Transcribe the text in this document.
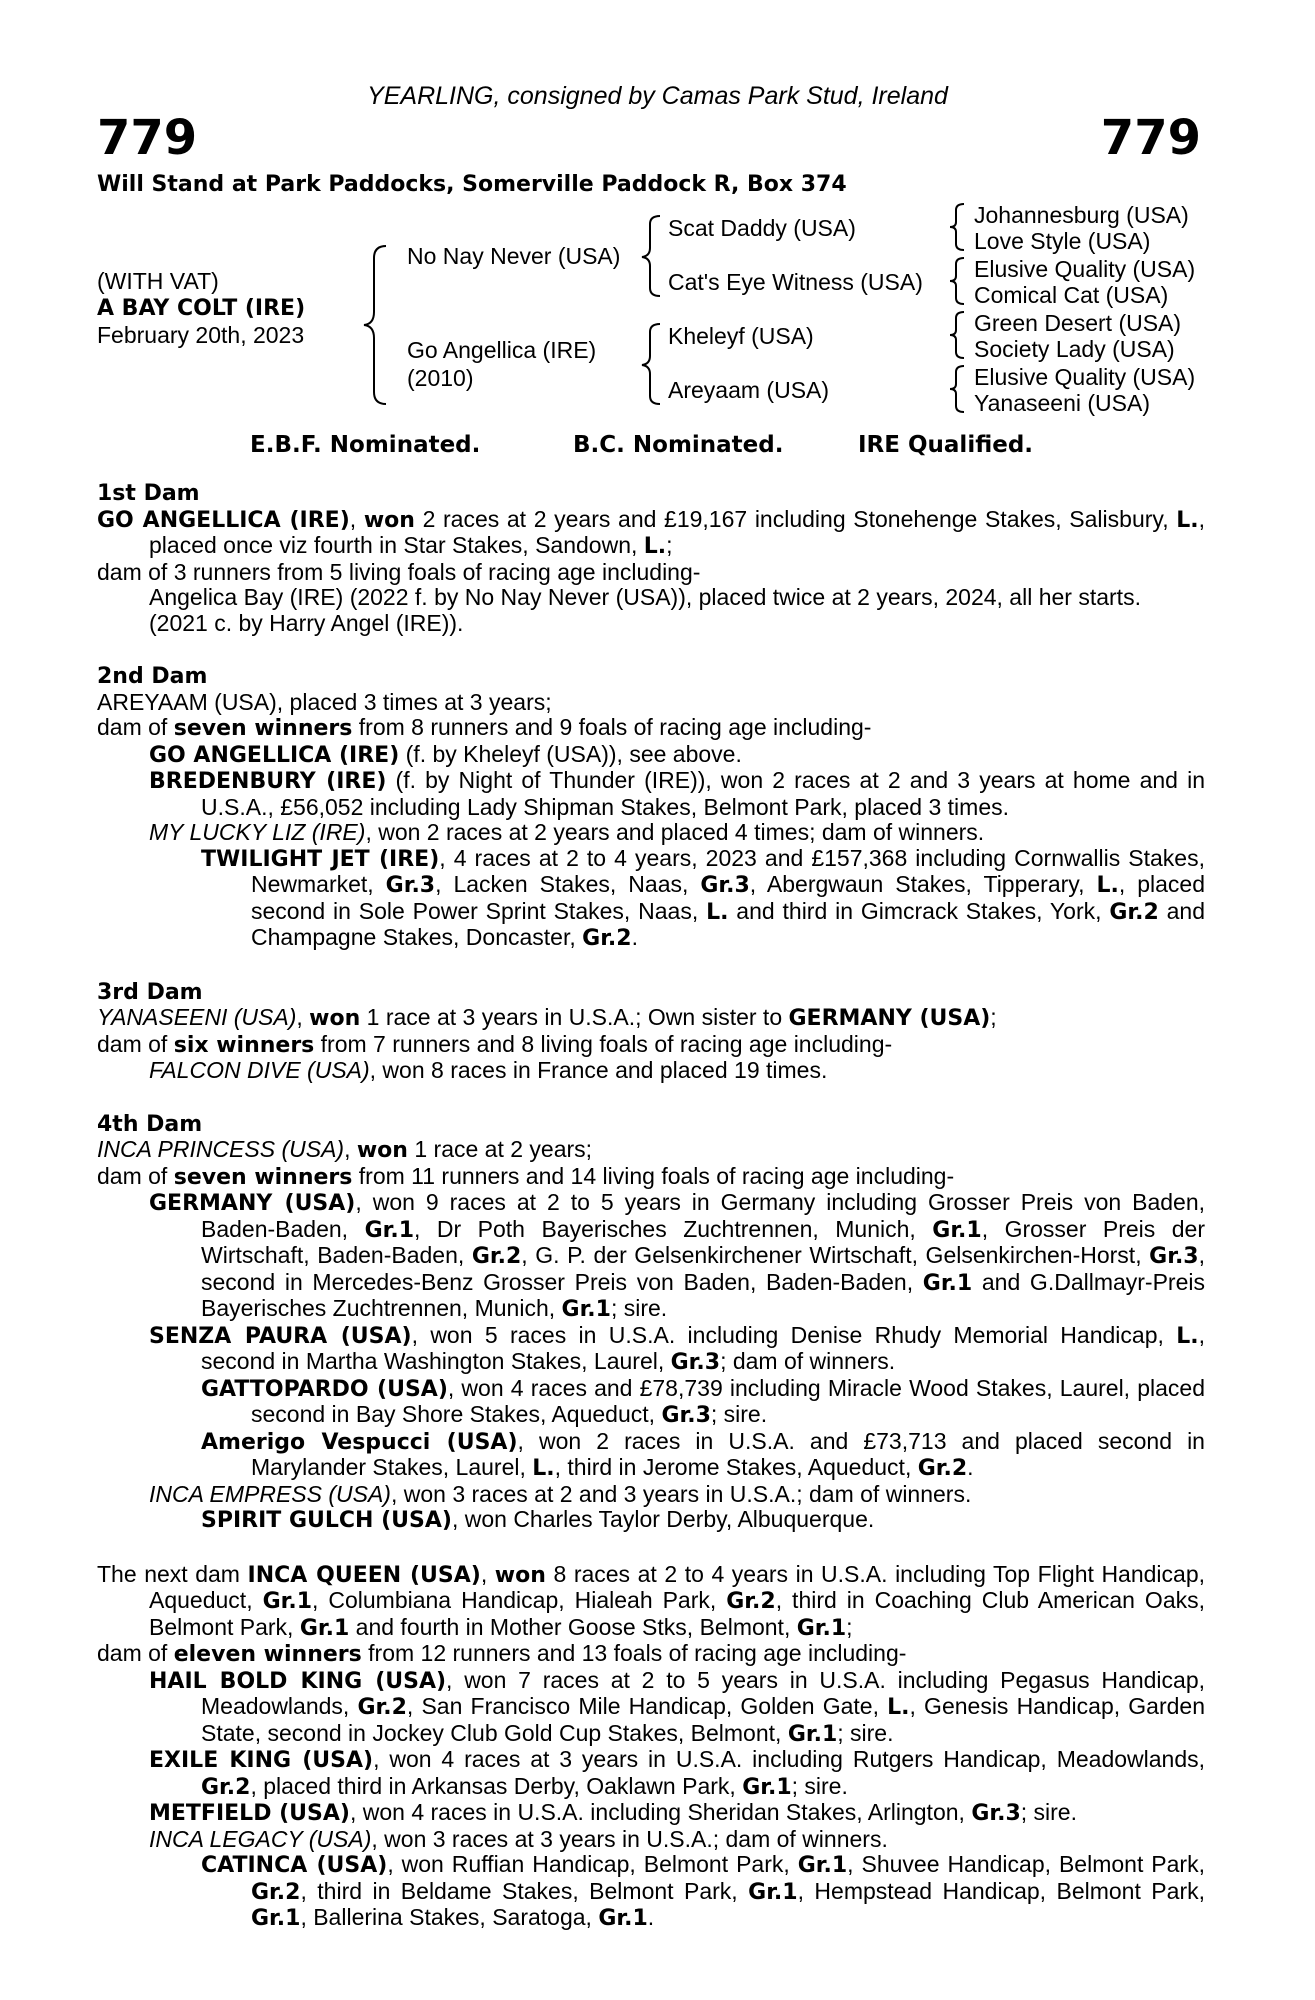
YEARLING, consigned by Camas Park Stud, Ireland
779	779
Will Stand at Park Paddocks, Somerville Paddock R, Box 374
(WITH VAT)
A BAY COLT (IRE)
February 20th, 2023
No Nay Never (USA)
Go Angellica (IRE)
(2010)
Scat Daddy (USA)
Cat's Eye Witness (USA)
Kheleyf (USA)
Areyaam (USA)
Johannesburg (USA)
Love Style (USA)
Elusive Quality (USA)
Comical Cat (USA)
Green Desert (USA)
Society Lady (USA)
Elusive Quality (USA)
Yanaseeni (USA)
E.B.F. Nominated.	B.C. Nominated.	IRE Qualified.

1st Dam

GO ANGELLICA (IRE), won 2 races at 2 years and £19,167 including Stonehenge Stakes, Salisbury, L., placed once viz fourth in Star Stakes, Sandown, L.;

dam of 3 runners from 5 living foals of racing age including-

Angelica Bay (IRE) (2022 f. by No Nay Never (USA)), placed twice at 2 years, 2024, all her starts.

(2021 c. by Harry Angel (IRE)).

2nd Dam

AREYAAM (USA), placed 3 times at 3 years;

dam of seven winners from 8 runners and 9 foals of racing age including-

GO ANGELLICA (IRE) (f. by Kheleyf (USA)), see above.

BREDENBURY (IRE) (f. by Night of Thunder (IRE)), won 2 races at 2 and 3 years at home and in U.S.A., £56,052 including Lady Shipman Stakes, Belmont Park, placed 3 times.

MY LUCKY LIZ (IRE), won 2 races at 2 years and placed 4 times; dam of winners.

TWILIGHT JET (IRE), 4 races at 2 to 4 years, 2023 and £157,368 including Cornwallis Stakes, Newmarket, Gr.3, Lacken Stakes, Naas, Gr.3, Abergwaun Stakes, Tipperary, L., placed second in Sole Power Sprint Stakes, Naas, L. and third in Gimcrack Stakes, York, Gr.2 and Champagne Stakes, Doncaster, Gr.2.

3rd Dam

YANASEENI (USA), won 1 race at 3 years in U.S.A.; Own sister to GERMANY (USA);

dam of six winners from 7 runners and 8 living foals of racing age including-

FALCON DIVE (USA), won 8 races in France and placed 19 times.

4th Dam

INCA PRINCESS (USA), won 1 race at 2 years;

dam of seven winners from 11 runners and 14 living foals of racing age including-

GERMANY (USA), won 9 races at 2 to 5 years in Germany including Grosser Preis von Baden, Baden-Baden, Gr.1, Dr Poth Bayerisches Zuchtrennen, Munich, Gr.1, Grosser Preis der Wirtschaft, Baden-Baden, Gr.2, G. P. der Gelsenkirchener Wirtschaft, Gelsenkirchen-Horst, Gr.3, second in Mercedes-Benz Grosser Preis von Baden, Baden-Baden, Gr.1 and G.Dallmayr-Preis Bayerisches Zuchtrennen, Munich, Gr.1; sire.

SENZA PAURA (USA), won 5 races in U.S.A. including Denise Rhudy Memorial Handicap, L., second in Martha Washington Stakes, Laurel, Gr.3; dam of winners.

GATTOPARDO (USA), won 4 races and £78,739 including Miracle Wood Stakes, Laurel, placed second in Bay Shore Stakes, Aqueduct, Gr.3; sire.

Amerigo Vespucci (USA), won 2 races in U.S.A. and £73,713 and placed second in Marylander Stakes, Laurel, L., third in Jerome Stakes, Aqueduct, Gr.2.

INCA EMPRESS (USA), won 3 races at 2 and 3 years in U.S.A.; dam of winners.

SPIRIT GULCH (USA), won Charles Taylor Derby, Albuquerque.

The next dam INCA QUEEN (USA), won 8 races at 2 to 4 years in U.S.A. including Top Flight Handicap, Aqueduct, Gr.1, Columbiana Handicap, Hialeah Park, Gr.2, third in Coaching Club American Oaks, Belmont Park, Gr.1 and fourth in Mother Goose Stks, Belmont, Gr.1;

dam of eleven winners from 12 runners and 13 foals of racing age including-

HAIL BOLD KING (USA), won 7 races at 2 to 5 years in U.S.A. including Pegasus Handicap, Meadowlands, Gr.2, San Francisco Mile Handicap, Golden Gate, L., Genesis Handicap, Garden State, second in Jockey Club Gold Cup Stakes, Belmont, Gr.1; sire.

EXILE KING (USA), won 4 races at 3 years in U.S.A. including Rutgers Handicap, Meadowlands, Gr.2, placed third in Arkansas Derby, Oaklawn Park, Gr.1; sire.

METFIELD (USA), won 4 races in U.S.A. including Sheridan Stakes, Arlington, Gr.3; sire.

INCA LEGACY (USA), won 3 races at 3 years in U.S.A.; dam of winners.

CATINCA (USA), won Ruffian Handicap, Belmont Park, Gr.1, Shuvee Handicap, Belmont Park, Gr.2, third in Beldame Stakes, Belmont Park, Gr.1, Hempstead Handicap, Belmont Park, Gr.1, Ballerina Stakes, Saratoga, Gr.1.
